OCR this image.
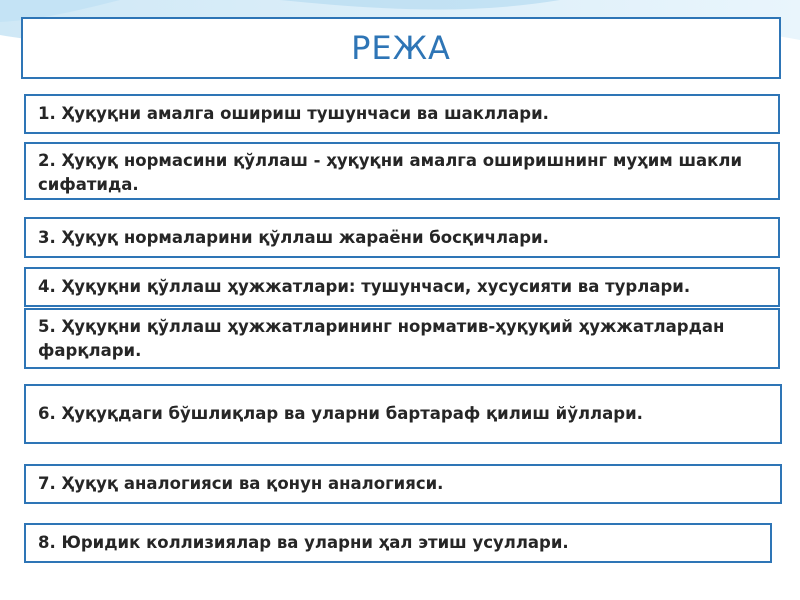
РЕЖА
1. Ҳуқуқни амалга ошириш тушунчаси ва шакллари.
2. Ҳуқуқ нормасини қўллаш - ҳуқуқни амалга оширишнинг муҳим шакли сифатида.
3. Ҳуқуқ нормаларини қўллаш жараёни босқичлари.
4. Ҳуқуқни қўллаш ҳужжатлари: тушунчаси, хусусияти ва турлари.
5. Ҳуқуқни қўллаш ҳужжатларининг норматив-ҳуқуқий ҳужжатлардан фарқлари.
6. Ҳуқуқдаги бўшлиқлар ва уларни бартараф қилиш йўллари.
7. Ҳуқуқ аналогияси ва қонун аналогияси.
8. Юридик коллизиялар ва уларни ҳал этиш усуллари.
